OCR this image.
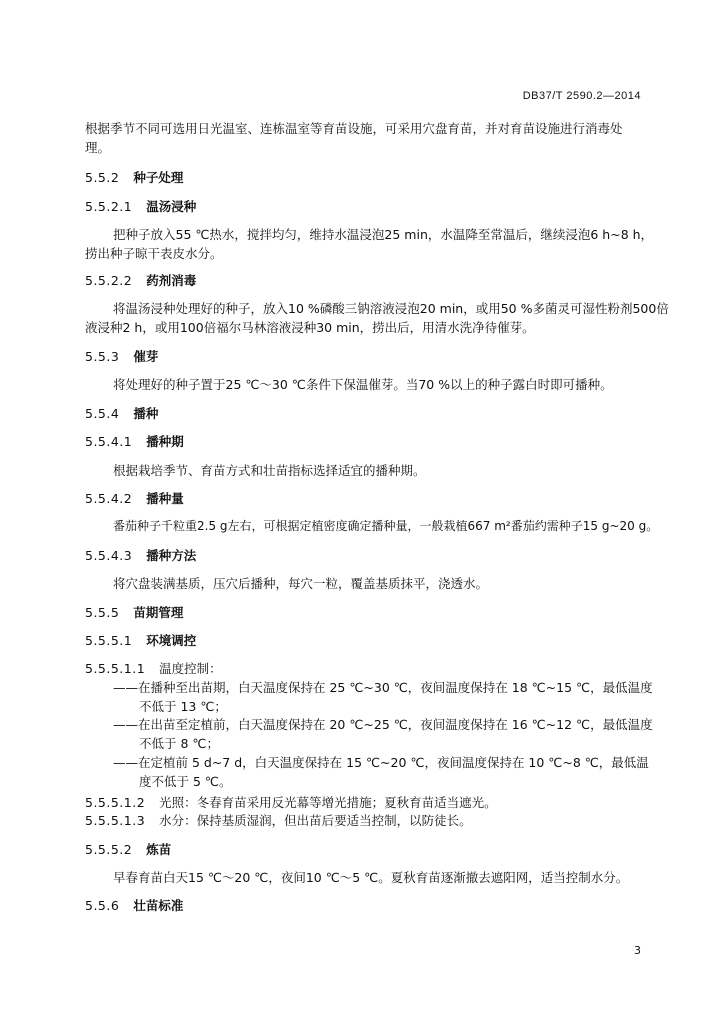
DB37/T 2590.2—2014
根据季节不同可选用日光温室、连栋温室等育苗设施，可采用穴盘育苗，并对育苗设施进行消毒处
理。
5.5.2 种子处理
5.5.2.1 温汤浸种
把种子放入55 ℃热水，搅拌均匀，维持水温浸泡25 min，水温降至常温后，继续浸泡6 h~8 h，
捞出种子晾干表皮水分。
5.5.2.2 药剂消毒
将温汤浸种处理好的种子，放入10 %磷酸三钠溶液浸泡20 min，或用50 %多菌灵可湿性粉剂500倍
液浸种2 h，或用100倍福尔马林溶液浸种30 min，捞出后，用清水洗净待催芽。
5.5.3 催芽
将处理好的种子置于25 ℃～30 ℃条件下保温催芽。当70 %以上的种子露白时即可播种。
5.5.4 播种
5.5.4.1 播种期
根据栽培季节、育苗方式和壮苗指标选择适宜的播种期。
5.5.4.2 播种量
番茄种子千粒重2.5 g左右，可根据定植密度确定播种量，一般栽植667 m²番茄约需种子15 g~20 g。
5.5.4.3 播种方法
将穴盘装满基质，压穴后播种，每穴一粒，覆盖基质抹平，浇透水。
5.5.5 苗期管理
5.5.5.1 环境调控
5.5.5.1.1 温度控制：
——在播种至出苗期，白天温度保持在 25 ℃~30 ℃，夜间温度保持在 18 ℃~15 ℃，最低温度
不低于 13 ℃；
——在出苗至定植前，白天温度保持在 20 ℃~25 ℃，夜间温度保持在 16 ℃~12 ℃，最低温度
不低于 8 ℃；
——在定植前 5 d~7 d，白天温度保持在 15 ℃~20 ℃，夜间温度保持在 10 ℃~8 ℃，最低温
度不低于 5 ℃。
5.5.5.1.2 光照：冬春育苗采用反光幕等增光措施；夏秋育苗适当遮光。
5.5.5.1.3 水分：保持基质湿润，但出苗后要适当控制，以防徒长。
5.5.5.2 炼苗
早春育苗白天15 ℃～20 ℃，夜间10 ℃～5 ℃。夏秋育苗逐渐撤去遮阳网，适当控制水分。
5.5.6 壮苗标准
3
